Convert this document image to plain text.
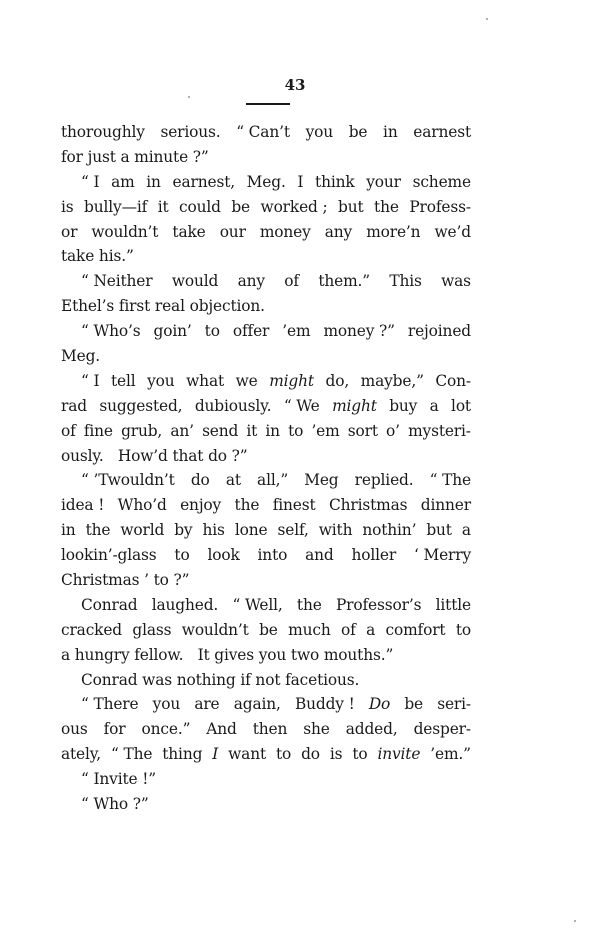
43
thoroughly serious. “ Can’t you be in earnest
for just a minute ?”
“ I am in earnest, Meg. I think your scheme
is bully—if it could be worked ; but the Profess-
or wouldn’t take our money any more’n we’d
take his.”
“ Neither would any of them.” This was
Ethel’s first real objection.
“ Who’s goin’ to offer ’em money ?” rejoined
Meg.
“ I tell you what we might do, maybe,” Con-
rad suggested, dubiously. “ We might buy a lot
of fine grub, an’ send it in to ’em sort o’ mysteri-
ously.   How’d that do ?”
“ ’Twouldn’t do at all,” Meg replied. “ The
idea ! Who’d enjoy the finest Christmas dinner
in the world by his lone self, with nothin’ but a
lookin’-glass to look into and holler ‘ Merry
Christmas ’ to ?”
Conrad laughed. “ Well, the Professor’s little
cracked glass wouldn’t be much of a comfort to
a hungry fellow.   It gives you two mouths.”
Conrad was nothing if not facetious.
“ There you are again, Buddy ! Do be seri-
ous for once.” And then she added, desper-
ately, “ The thing I want to do is to invite ’em.”
“ Invite !”
“ Who ?”
